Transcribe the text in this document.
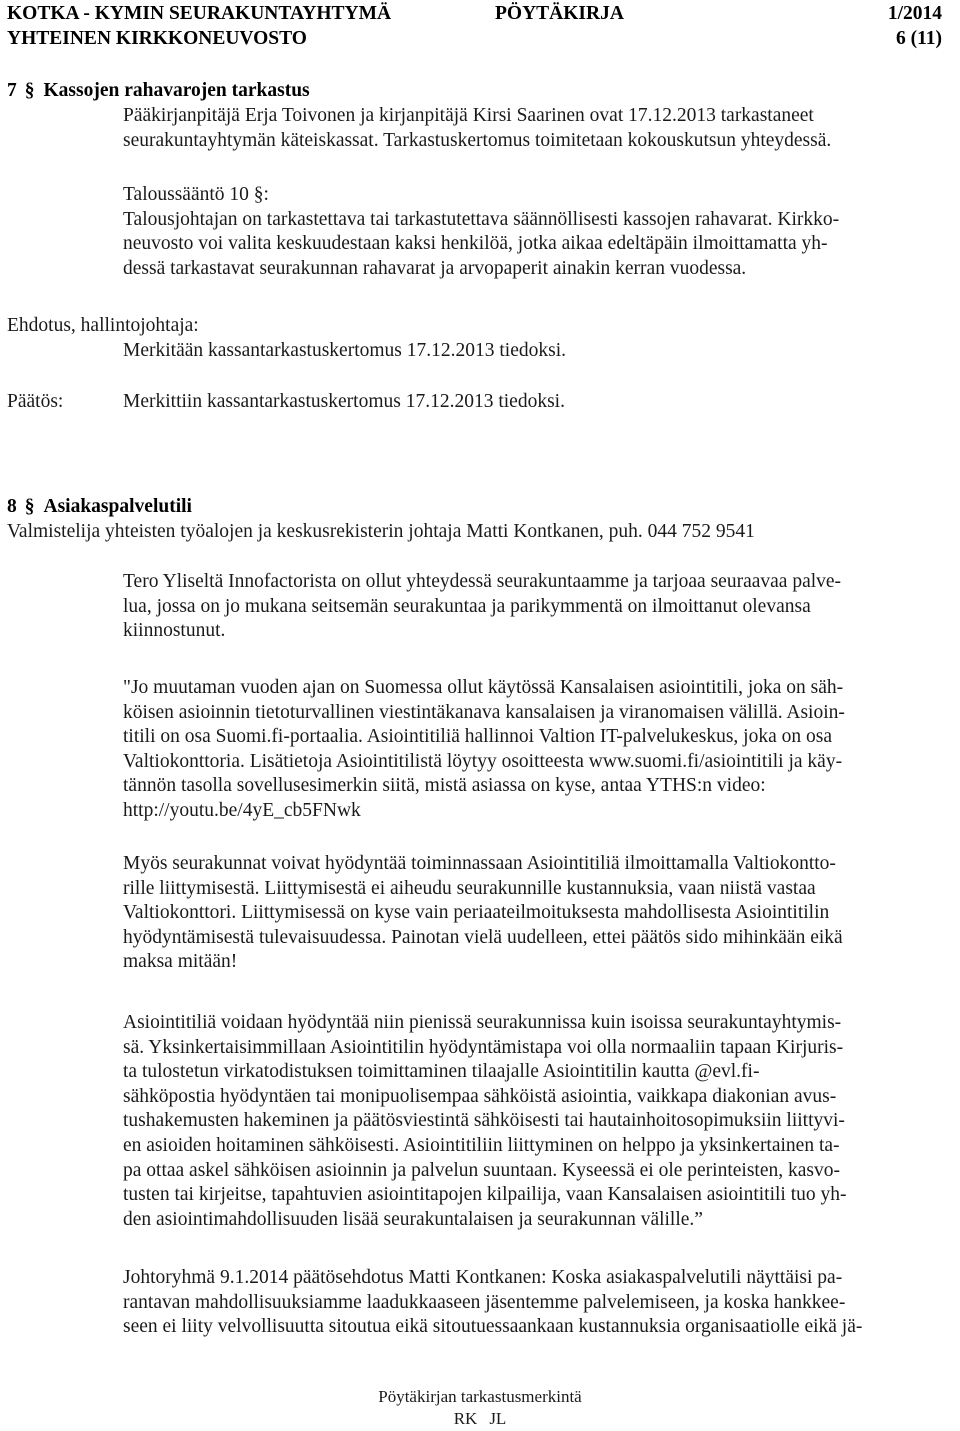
KOTKA - KYMIN SEURAKUNTAYHTYMÄ	PÖYTÄKIRJA	1/2014
YHTEINEN KIRKKONEUVOSTO	6 (11)
7 § Kassojen rahavarojen tarkastus
Pääkirjanpitäjä Erja Toivonen ja kirjanpitäjä Kirsi Saarinen ovat 17.12.2013 tarkastaneet
seurakuntayhtymän käteiskassat. Tarkastuskertomus toimitetaan kokouskutsun yhteydessä.
Taloussääntö 10 §:
Talousjohtajan on tarkastettava tai tarkastutettava säännöllisesti kassojen rahavarat. Kirkko-
neuvosto voi valita keskuudestaan kaksi henkilöä, jotka aikaa edeltäpäin ilmoittamatta yh-
dessä tarkastavat seurakunnan rahavarat ja arvopaperit ainakin kerran vuodessa.
Ehdotus, hallintojohtaja:
Merkitään kassantarkastuskertomus 17.12.2013 tiedoksi.
Päätös:	Merkittiin kassantarkastuskertomus 17.12.2013 tiedoksi.
8 § Asiakaspalvelutili
Valmistelija yhteisten työalojen ja keskusrekisterin johtaja Matti Kontkanen, puh. 044 752 9541
Tero Yliseltä Innofactorista on ollut yhteydessä seurakuntaamme ja tarjoaa seuraavaa palve-
lua, jossa on jo mukana seitsemän seurakuntaa ja parikymmentä on ilmoittanut olevansa
kiinnostunut.
"Jo muutaman vuoden ajan on Suomessa ollut käytössä Kansalaisen asiointitili, joka on säh-
köisen asioinnin tietoturvallinen viestintäkanava kansalaisen ja viranomaisen välillä. Asioin-
titili on osa Suomi.fi-portaalia. Asiointitiliä hallinnoi Valtion IT-palvelukeskus, joka on osa
Valtiokonttoria. Lisätietoja Asiointitilistä löytyy osoitteesta www.suomi.fi/asiointitili ja käy-
tännön tasolla sovellusesimerkin siitä, mistä asiassa on kyse, antaa YTHS:n video:
http://youtu.be/4yE_cb5FNwk
Myös seurakunnat voivat hyödyntää toiminnassaan Asiointitiliä ilmoittamalla Valtiokontto-
rille liittymisestä. Liittymisestä ei aiheudu seurakunnille kustannuksia, vaan niistä vastaa
Valtiokonttori. Liittymisessä on kyse vain periaateilmoituksesta mahdollisesta Asiointitilin
hyödyntämisestä tulevaisuudessa. Painotan vielä uudelleen, ettei päätös sido mihinkään eikä
maksa mitään!
Asiointitiliä voidaan hyödyntää niin pienissä seurakunnissa kuin isoissa seurakuntayhtymis-
sä. Yksinkertaisimmillaan Asiointitilin hyödyntämistapa voi olla normaaliin tapaan Kirjuris-
ta tulostetun virkatodistuksen toimittaminen tilaajalle Asiointitilin kautta @evl.fi-
sähköpostia hyödyntäen tai monipuolisempaa sähköistä asiointia, vaikkapa diakonian avus-
tushakemusten hakeminen ja päätösviestintä sähköisesti tai hautainhoitosopimuksiin liittyvi-
en asioiden hoitaminen sähköisesti. Asiointitiliin liittyminen on helppo ja yksinkertainen ta-
pa ottaa askel sähköisen asioinnin ja palvelun suuntaan. Kyseessä ei ole perinteisten, kasvo-
tusten tai kirjeitse, tapahtuvien asiointitapojen kilpailija, vaan Kansalaisen asiointitili tuo yh-
den asiointimahdollisuuden lisää seurakuntalaisen ja seurakunnan välille.”
Johtoryhmä 9.1.2014 päätösehdotus Matti Kontkanen: Koska asiakaspalvelutili näyttäisi pa-
rantavan mahdollisuuksiamme laadukkaaseen jäsentemme palvelemiseen, ja koska hankkee-
seen ei liity velvollisuutta sitoutua eikä sitoutuessaankaan kustannuksia organisaatiolle eikä jä-
Pöytäkirjan tarkastusmerkintä
RK JL
